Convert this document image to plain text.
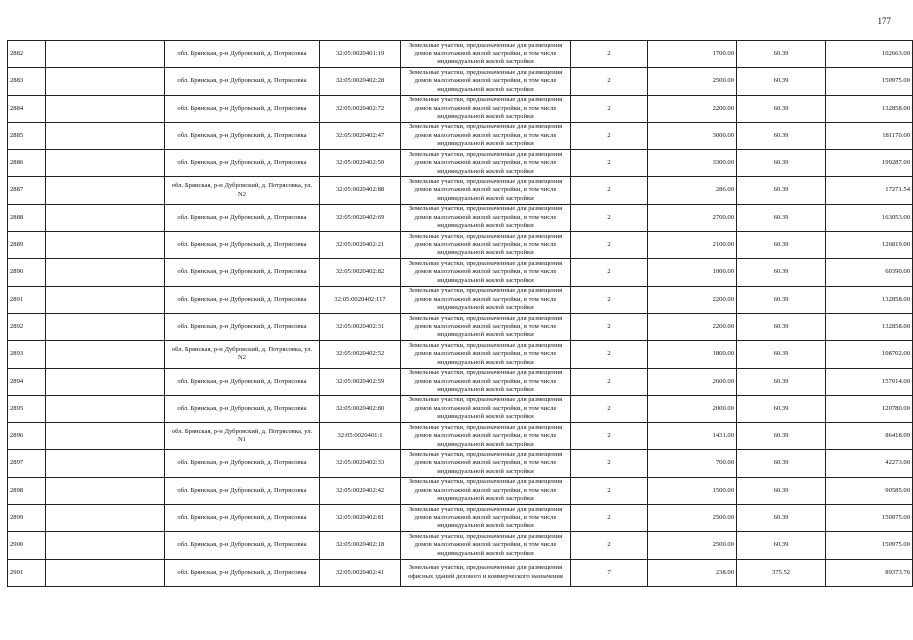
177
2882		обл. Брянская, р-н Дубровский, д. Потрясовка	32:05:0020401:19	Земельные участки, предназначенные для размещения домов малоэтажной жилой застройки, в том числе индивидуальной жилой застройки	2	1700.00	60.39	102663.00
2883		обл. Брянская, р-н Дубровский, д. Потрясовка	32:05:0020402:28	Земельные участки, предназначенные для размещения домов малоэтажной жилой застройки, в том числе индивидуальной жилой застройки	2	2500.00	60.39	150975.00
2884		обл. Брянская, р-н Дубровский, д. Потрясовка	32:05:0020402:72	Земельные участки, предназначенные для размещения домов малоэтажной жилой застройки, в том числе индивидуальной жилой застройки	2	2200.00	60.39	132858.00
2885		обл. Брянская, р-н Дубровский, д. Потрясовка	32:05:0020402:47	Земельные участки, предназначенные для размещения домов малоэтажной жилой застройки, в том числе индивидуальной жилой застройки	2	3000.00	60.39	181170.00
2886		обл. Брянская, р-н Дубровский, д. Потрясовка	32:05:0020402:50	Земельные участки, предназначенные для размещения домов малоэтажной жилой застройки, в том числе индивидуальной жилой застройки	2	3300.00	60.39	199287.00
2887		обл. Брянская, р-н Дубровский, д. Потрясовка, ул. N2	32:05:0020402:88	Земельные участки, предназначенные для размещения домов малоэтажной жилой застройки, в том числе индивидуальной жилой застройки	2	286.00	60.39	17271.54
2888		обл. Брянская, р-н Дубровский, д. Потрясовка	32:05:0020402:69	Земельные участки, предназначенные для размещения домов малоэтажной жилой застройки, в том числе индивидуальной жилой застройки	2	2700.00	60.39	163053.00
2889		обл. Брянская, р-н Дубровский, д. Потрясовка	32:05:0020402:21	Земельные участки, предназначенные для размещения домов малоэтажной жилой застройки, в том числе индивидуальной жилой застройки	2	2100.00	60.39	126819.00
2890		обл. Брянская, р-н Дубровский, д. Потрясовка	32:05:0020402:82	Земельные участки, предназначенные для размещения домов малоэтажной жилой застройки, в том числе индивидуальной жилой застройки	2	1000.00	60.39	60390.00
2891		обл. Брянская, р-н Дубровский, д. Потрясовка	32:05:0020402:117	Земельные участки, предназначенные для размещения домов малоэтажной жилой застройки, в том числе индивидуальной жилой застройки	2	2200.00	60.39	132858.00
2892		обл. Брянская, р-н Дубровский, д. Потрясовка	32:05:0020402:31	Земельные участки, предназначенные для размещения домов малоэтажной жилой застройки, в том числе индивидуальной жилой застройки	2	2200.00	60.39	132858.00
2893		обл. Брянская, р-н Дубровский, д. Потрясовка, ул. N2	32:05:0020402:52	Земельные участки, предназначенные для размещения домов малоэтажной жилой застройки, в том числе индивидуальной жилой застройки	2	1800.00	60.39	108702.00
2894		обл. Брянская, р-н Дубровский, д. Потрясовка	32:05:0020402:59	Земельные участки, предназначенные для размещения домов малоэтажной жилой застройки, в том числе индивидуальной жилой застройки	2	2600.00	60.39	157014.00
2895		обл. Брянская, р-н Дубровский, д. Потрясовка	32:05:0020402:80	Земельные участки, предназначенные для размещения домов малоэтажной жилой застройки, в том числе индивидуальной жилой застройки	2	2000.00	60.39	120780.00
2896		обл. Брянская, р-н Дубровский, д. Потрясовка, ул. N1	32:05:0020401:1	Земельные участки, предназначенные для размещения домов малоэтажной жилой застройки, в том числе индивидуальной жилой застройки	2	1431.00	60.39	86418.09
2897		обл. Брянская, р-н Дубровский, д. Потрясовка	32:05:0020402:33	Земельные участки, предназначенные для размещения домов малоэтажной жилой застройки, в том числе индивидуальной жилой застройки	2	700.00	60.39	42273.00
2898		обл. Брянская, р-н Дубровский, д. Потрясовка	32:05:0020402:42	Земельные участки, предназначенные для размещения домов малоэтажной жилой застройки, в том числе индивидуальной жилой застройки	2	1500.00	60.39	90585.00
2899		обл. Брянская, р-н Дубровский, д. Потрясовка	32:05:0020402:81	Земельные участки, предназначенные для размещения домов малоэтажной жилой застройки, в том числе индивидуальной жилой застройки	2	2500.00	60.39	150975.00
2900		обл. Брянская, р-н Дубровский, д. Потрясовка	32:05:0020402:18	Земельные участки, предназначенные для размещения домов малоэтажной жилой застройки, в том числе индивидуальной жилой застройки	2	2500.00	60.39	150975.00
2901		обл. Брянская, р-н Дубровский, д. Потрясовка	32:05:0020402:41	Земельные участки, предназначенные для размещения офисных зданий делового и коммерческого назначения	7	238.00	375.52	89373.76
